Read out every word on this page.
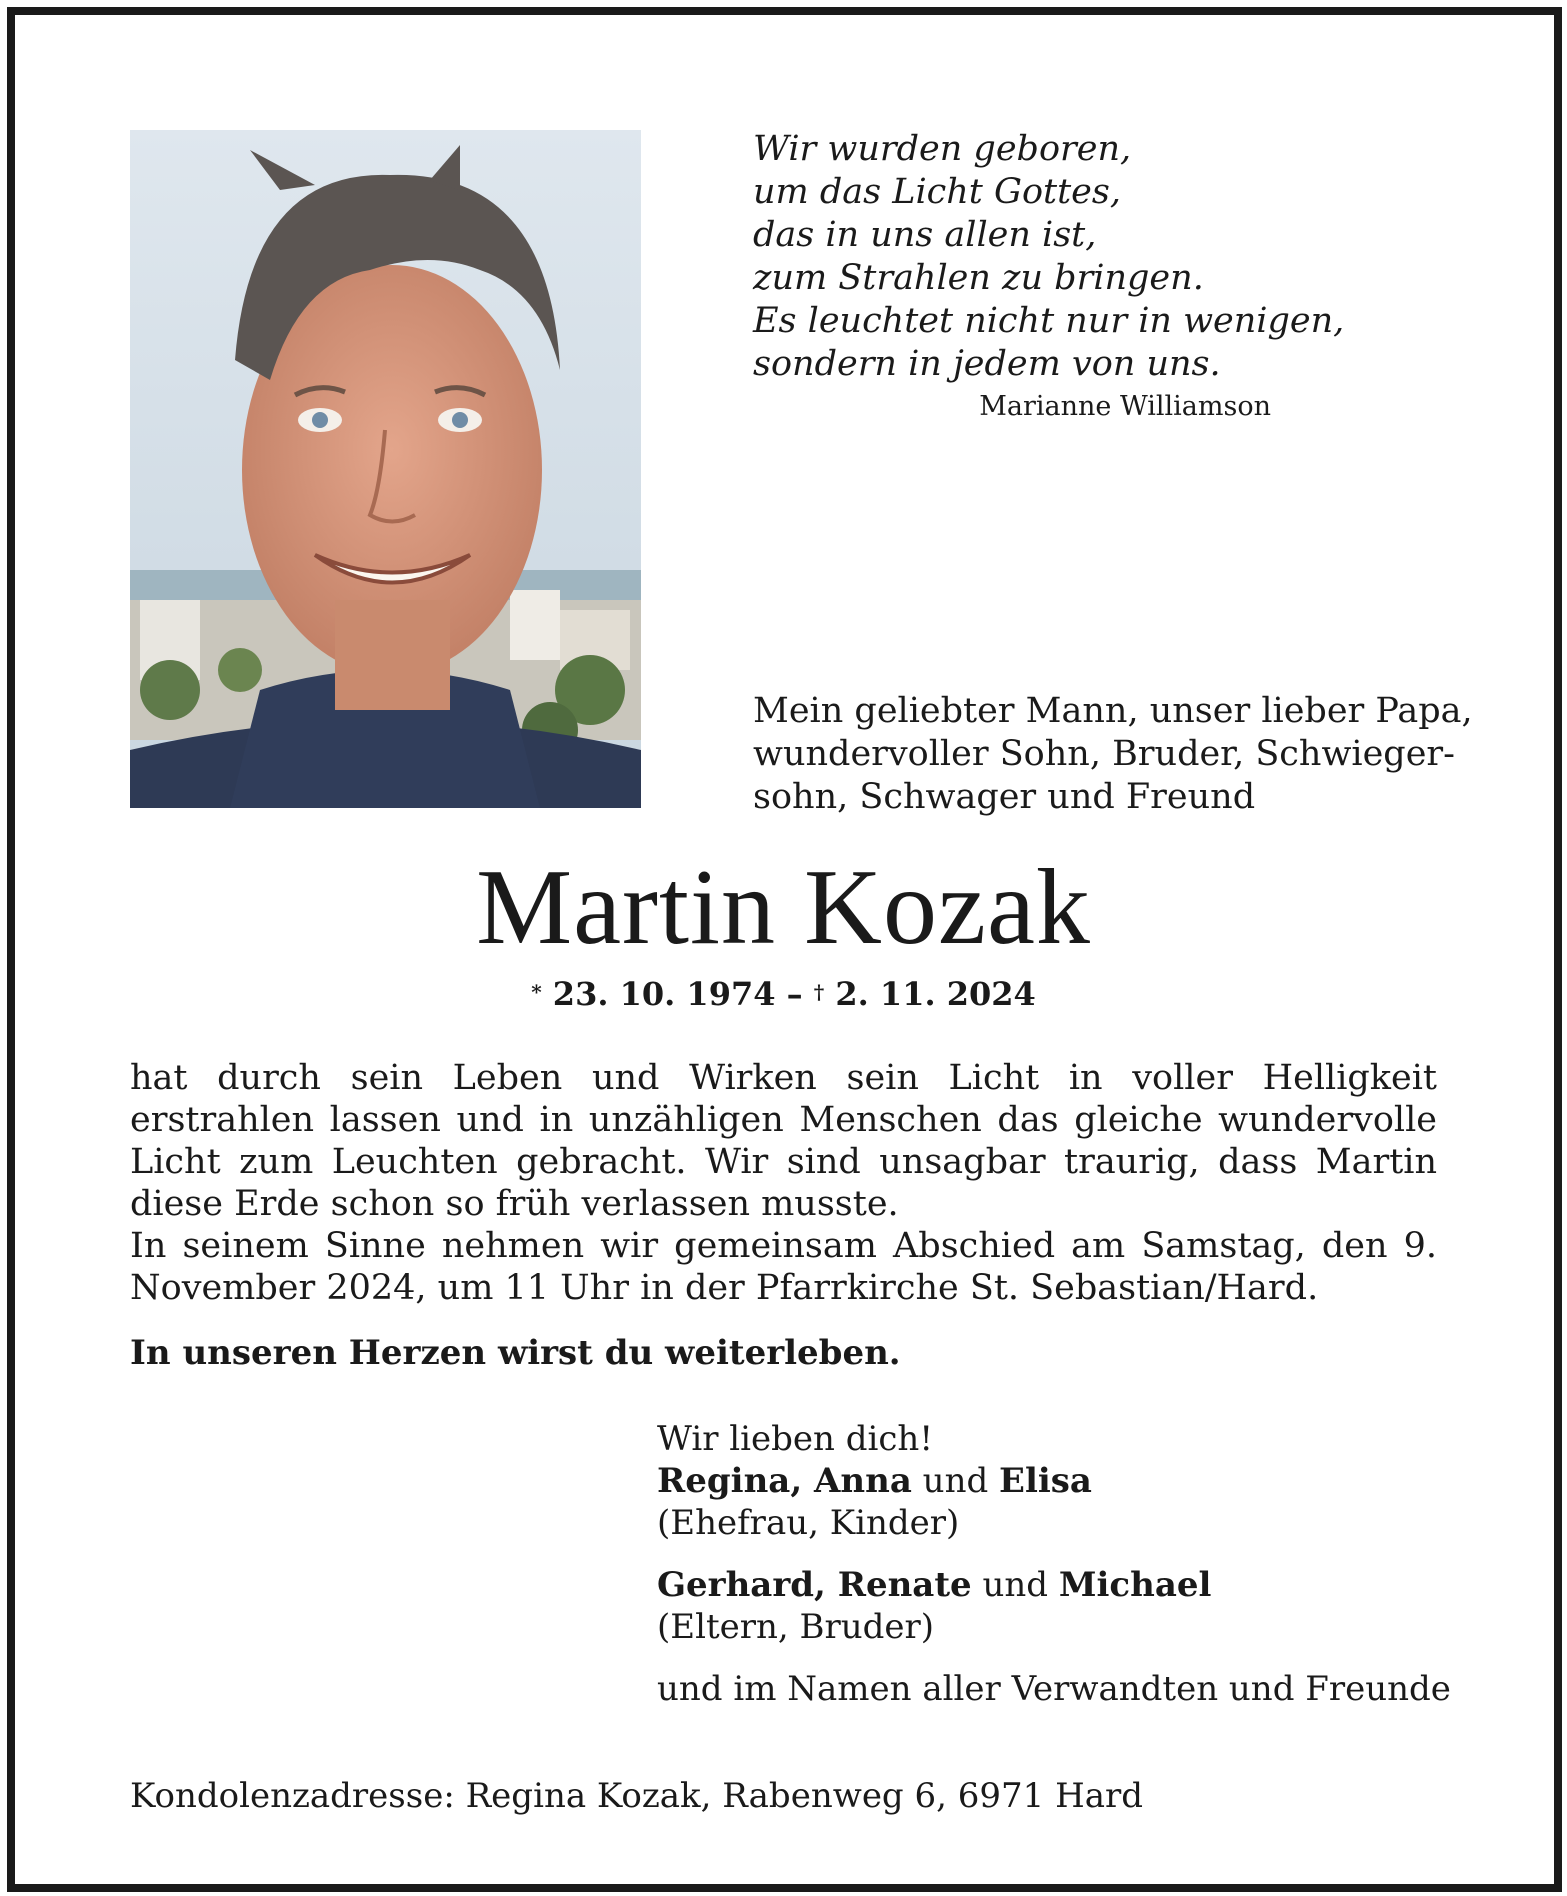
Wir wurden geboren,
um das Licht Gottes,
das in uns allen ist,
zum Strahlen zu bringen.
Es leuchtet nicht nur in wenigen,
sondern in jedem von uns.
Marianne Williamson
Mein geliebter Mann, unser lieber Papa,
wundervoller Sohn, Bruder, Schwieger-
sohn, Schwager und Freund
Martin Kozak
* 23. 10. 1974 – † 2. 11. 2024

hat durch sein Leben und Wirken sein Licht in voller Helligkeit erstrahlen lassen und in unzähligen Menschen das gleiche wundervolle Licht zum Leuchten gebracht. Wir sind unsagbar traurig, dass Martin diese Erde schon so früh verlassen musste.

In seinem Sinne nehmen wir gemeinsam Abschied am Samstag, den 9. November 2024, um 11 Uhr in der Pfarrkirche St. Sebastian/Hard.

In unseren Herzen wirst du weiterleben.
Wir lieben dich!
Regina, Anna und Elisa
(Ehefrau, Kinder)
Gerhard, Renate und Michael
(Eltern, Bruder)
und im Namen aller Verwandten und Freunde
Kondolenzadresse: Regina Kozak, Rabenweg 6, 6971 Hard
